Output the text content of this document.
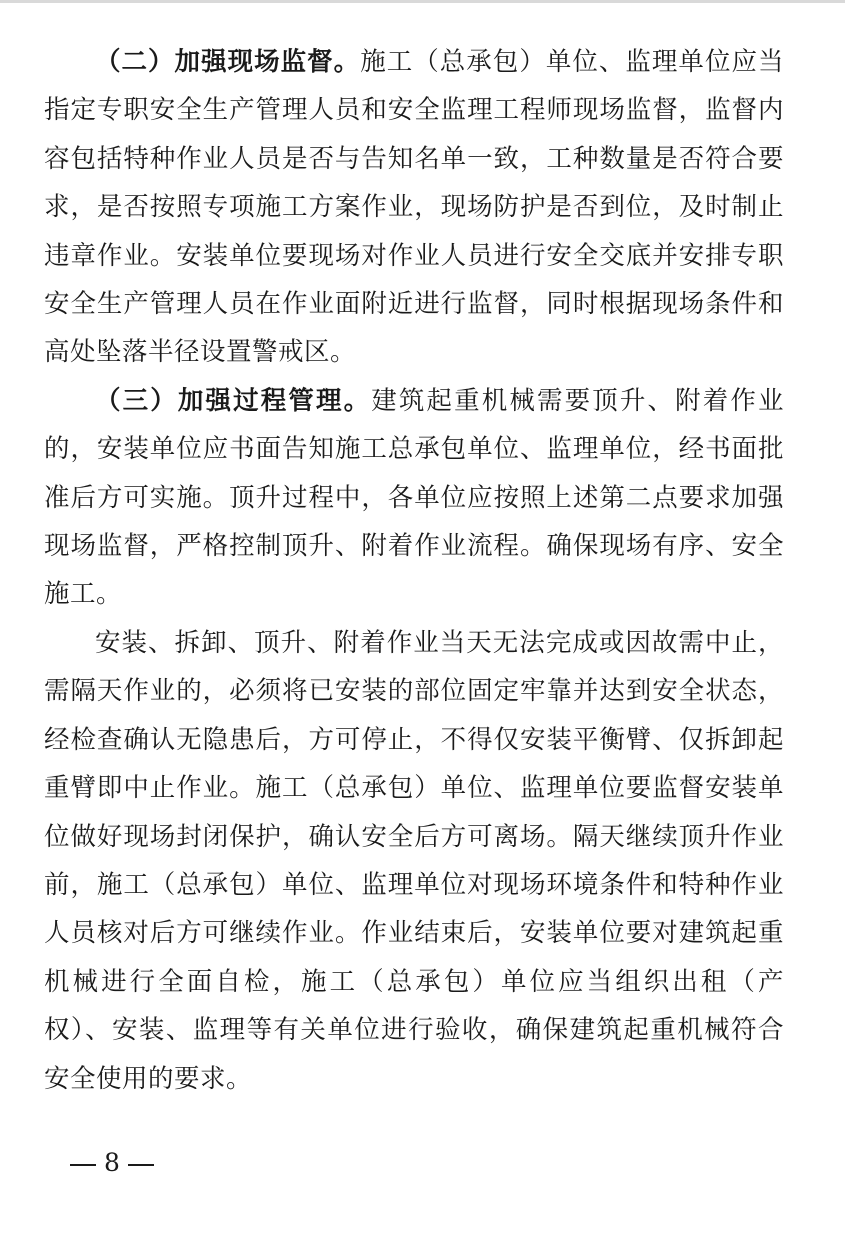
（二）加强现场监督。施工（总承包）单位、监理单位应当指定专职安全生产管理人员和安全监理工程师现场监督，监督内容包括特种作业人员是否与告知名单一致，工种数量是否符合要求，是否按照专项施工方案作业，现场防护是否到位，及时制止违章作业。安装单位要现场对作业人员进行安全交底并安排专职安全生产管理人员在作业面附近进行监督，同时根据现场条件和高处坠落半径设置警戒区。

（三）加强过程管理。建筑起重机械需要顶升、附着作业的，安装单位应书面告知施工总承包单位、监理单位，经书面批准后方可实施。顶升过程中，各单位应按照上述第二点要求加强现场监督，严格控制顶升、附着作业流程。确保现场有序、安全施工。

安装、拆卸、顶升、附着作业当天无法完成或因故需中止，需隔天作业的，必须将已安装的部位固定牢靠并达到安全状态，经检查确认无隐患后，方可停止，不得仅安装平衡臂、仅拆卸起重臂即中止作业。施工（总承包）单位、监理单位要监督安装单位做好现场封闭保护，确认安全后方可离场。隔天继续顶升作业前，施工（总承包）单位、监理单位对现场环境条件和特种作业人员核对后方可继续作业。作业结束后，安装单位要对建筑起重机械进行全面自检，施工（总承包）单位应当组织出租（产权）、安装、监理等有关单位进行验收，确保建筑起重机械符合安全使用的要求。

8
